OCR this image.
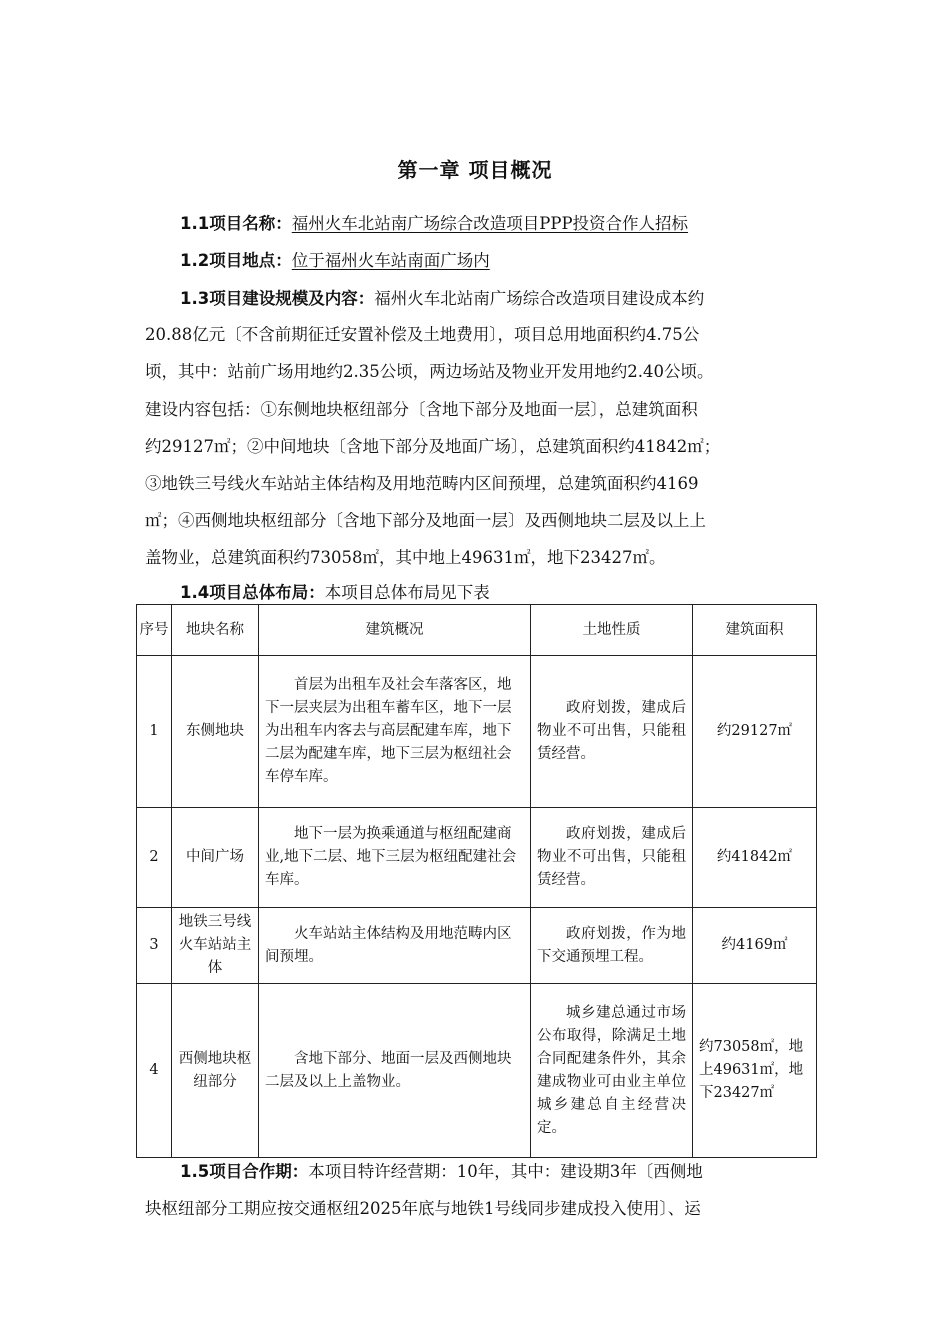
第一章 项目概况
1.1项目名称：福州火车北站南广场综合改造项目PPP投资合作人招标
1.2项目地点：位于福州火车站南面广场内
1.3项目建设规模及内容：福州火车北站南广场综合改造项目建设成本约
20.88亿元〔不含前期征迁安置补偿及土地费用〕，项目总用地面积约4.75公
顷，其中：站前广场用地约2.35公顷，两边场站及物业开发用地约2.40公顷。
建设内容包括：①东侧地块枢纽部分〔含地下部分及地面一层〕，总建筑面积
约29127㎡；②中间地块〔含地下部分及地面广场〕，总建筑面积约41842㎡；
③地铁三号线火车站站主体结构及用地范畴内区间预埋，总建筑面积约4169
㎡；④西侧地块枢纽部分〔含地下部分及地面一层〕及西侧地块二层及以上上
盖物业，总建筑面积约73058㎡，其中地上49631㎡，地下23427㎡。
1.4项目总体布局：本项目总体布局见下表
序号	地块名称	建筑概况	土地性质	建筑面积
1	东侧地块	首层为出租车及社会车落客区，地下一层夹层为出租车蓄车区，地下一层为出租车内客去与高层配建车库，地下二层为配建车库，地下三层为枢纽社会车停车库。	政府划拨，建成后物业不可出售，只能租赁经营。	约29127㎡
2	中间广场	地下一层为换乘通道与枢纽配建商业,地下二层、地下三层为枢纽配建社会车库。	政府划拨，建成后物业不可出售，只能租赁经营。	约41842㎡
3	地铁三号线火车站站主体	火车站站主体结构及用地范畴内区间预埋。	政府划拨，作为地下交通预埋工程。	约4169㎡
4	西侧地块枢纽部分	含地下部分、地面一层及西侧地块二层及以上上盖物业。	城乡建总通过市场公布取得，除满足土地合同配建条件外，其余建成物业可由业主单位城乡建总自主经营决定。	约73058㎡，地上49631㎡，地下23427㎡
1.5项目合作期：本项目特许经营期：10年，其中：建设期3年〔西侧地
块枢纽部分工期应按交通枢纽2025年底与地铁1号线同步建成投入使用〕、运
